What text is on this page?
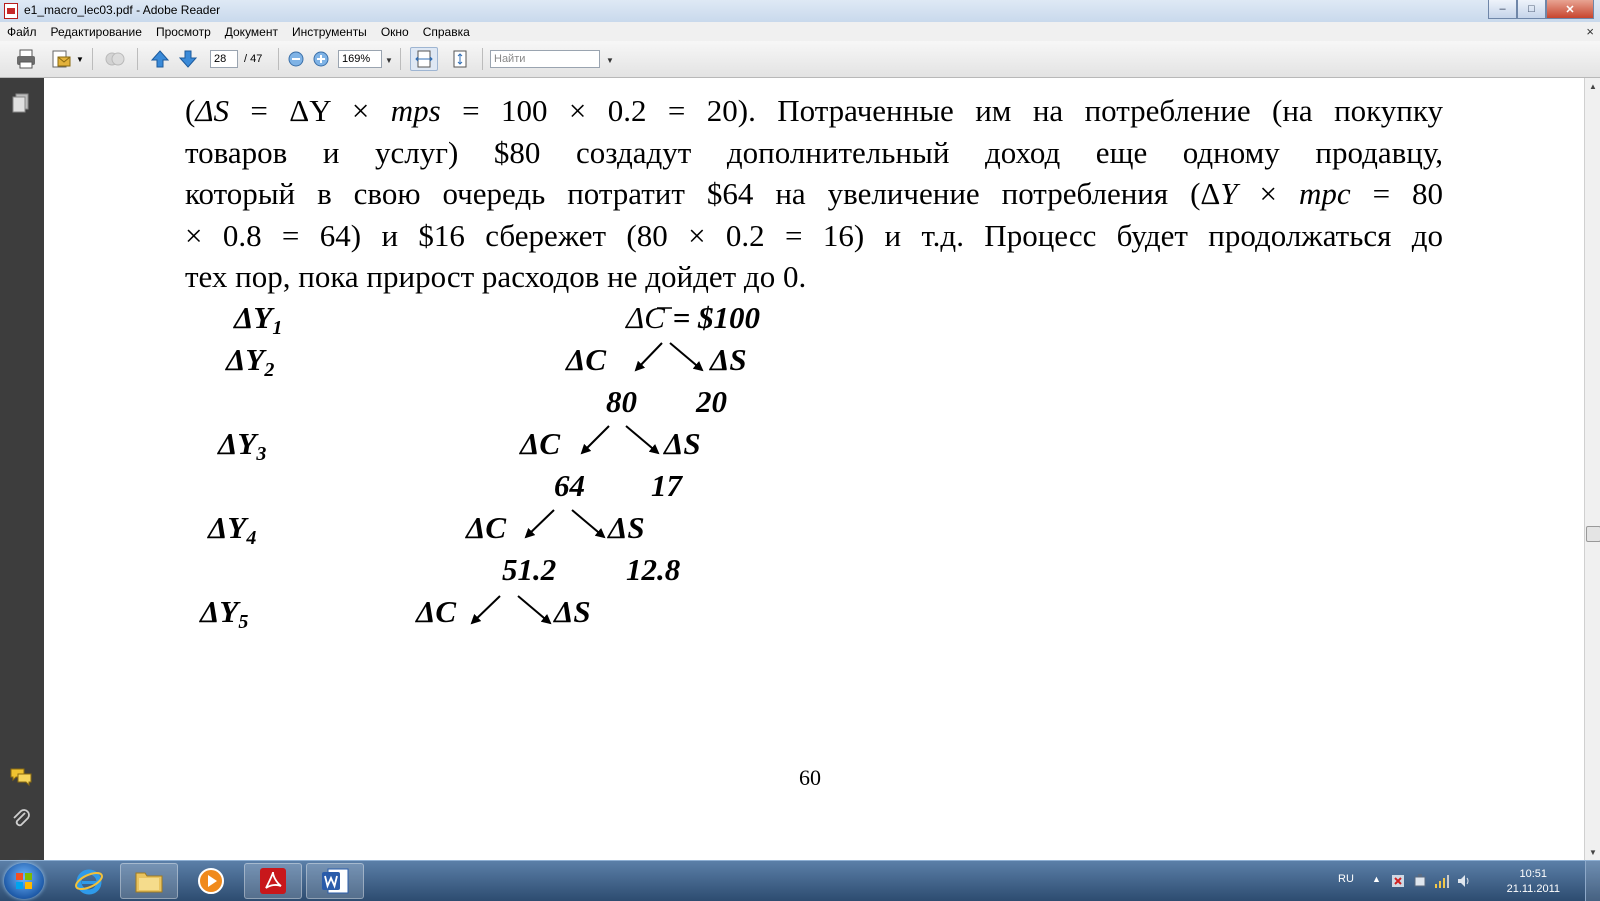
e1_macro_lec03.pdf - Adobe Reader	–	□	✕
Файл	Редактирование	Просмотр	Документ	Инструменты	Окно	Справка	×
▼	28	/ 47	169%	▼	Найти	▼
(ΔS = ΔY × mps = 100 × 0.2 = 20). Потраченные им на потребление (на покупку
товаров и услуг) $80 создадут дополнительный доход еще одному продавцу,
который в свою очередь потратит $64 на увеличение потребления (ΔY × mpc = 80
× 0.8 = 64) и $16 сбережет (80 × 0.2 = 16) и т.д. Процесс будет продолжаться до
тех пор, пока прирост расходов не дойдет до 0.
$\Delta Y_1$
$\Delta Y_2$
$\Delta Y_3$
$\Delta Y_4$
$\Delta Y_5$
ΔC = $100
ΔC	ΔS
80 20
ΔC	ΔS
64 17
ΔC	ΔS
51.2 12.8
ΔC	ΔS
60
▲
▼
RU ▲	10:51
21.11.2011
